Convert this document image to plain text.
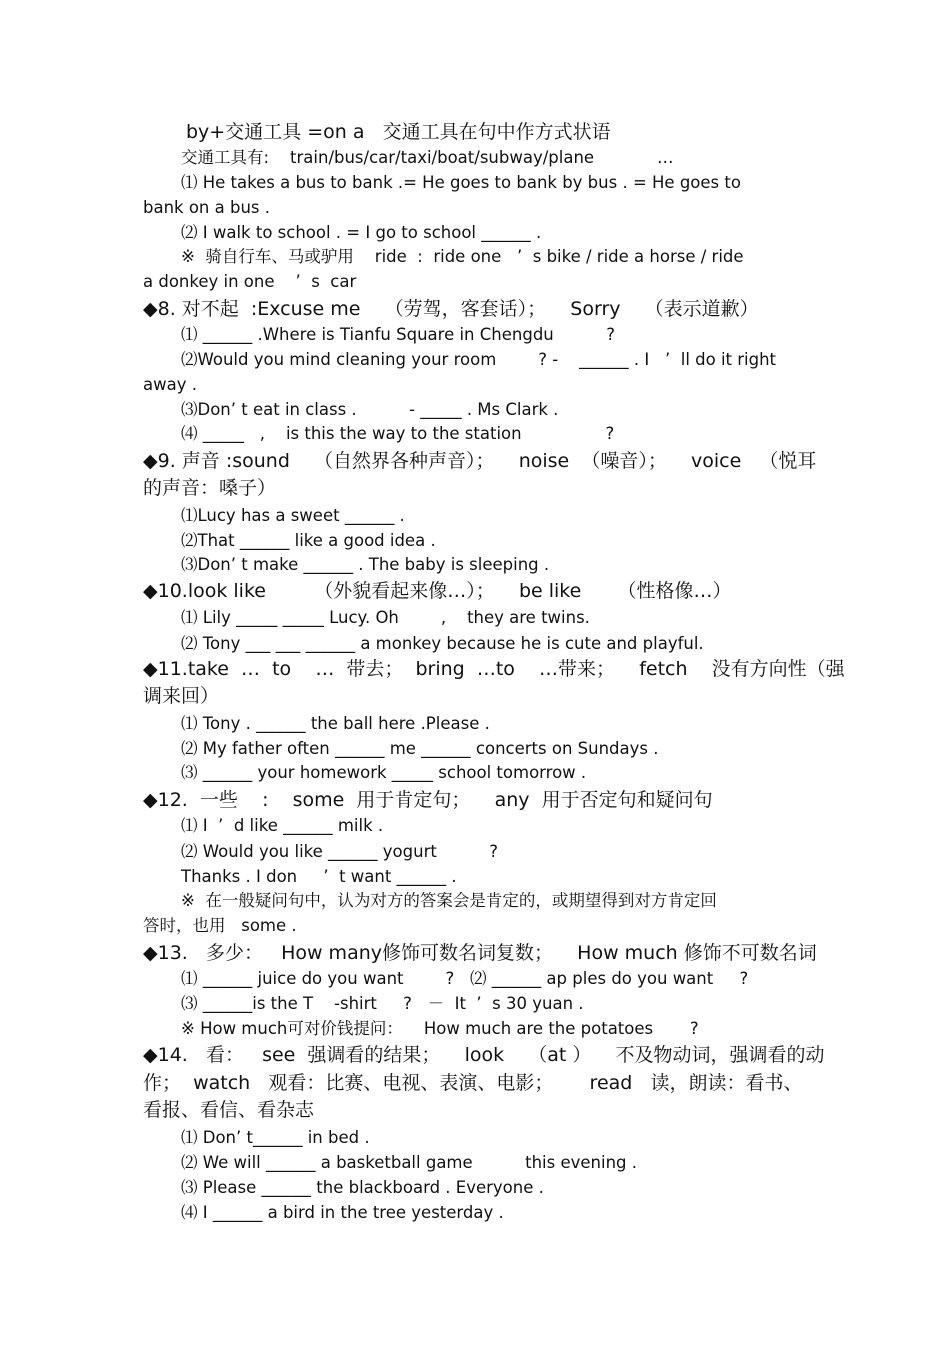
by+交通工具 =on a   交通工具在句中作方式状语
交通工具有:    train/bus/car/taxi/boat/subway/plane            …
⑴ He takes a bus to bank .= He goes to bank by bus . = He goes to
bank on a bus .
⑵ I walk to school . = I go to school ______ .
※  骑自行车、马或驴用    ride  :  ride one   ’  s bike / ride a horse / ride
a donkey in one    ’  s  car
◆8. 对不起  :Excuse me    （劳驾，客套话）；    Sorry    （表示道歉）
⑴ ______ .Where is Tianfu Square in Chengdu          ?
⑵Would you mind cleaning your room        ? -    ______ . I   ’  ll do it right
away .
⑶Don’ t eat in class .          - _____ . Ms Clark .
⑷ _____   ,    is this the way to the station                ?
◆9. 声音 :sound    （自然界各种声音）；    noise  （噪音）；    voice   （悦耳
的声音：嗓子）
⑴Lucy has a sweet ______ .
⑵That ______ like a good idea .
⑶Don’ t make ______ . The baby is sleeping .
◆10.look like        （外貌看起来像…）；    be like      （性格像…）
⑴ Lily _____ _____ Lucy. Oh        ,    they are twins.
⑵ Tony ___ ___ ______ a monkey because he is cute and playful.
◆11.take  …  to    …  带去；  bring  …to    …带来；    fetch    没有方向性（强
调来回）
⑴ Tony . ______ the ball here .Please .
⑵ My father often ______ me ______ concerts on Sundays .
⑶ ______ your homework _____ school tomorrow .
◆12.  一些    :    some  用于肯定句；    any  用于否定句和疑问句
⑴ I  ’  d like ______ milk .
⑵ Would you like ______ yogurt          ?
Thanks . I don     ’  t want ______ .
※  在一般疑问句中，认为对方的答案会是肯定的，或期望得到对方肯定回
答时，也用   some .
◆13.   多少：   How many修饰可数名词复数；    How much 修饰不可数名词
⑴ ______ juice do you want        ?   ⑵ ______ ap ples do you want     ?
⑶ ______is the T    -shirt     ?   －  It  ’  s 30 yuan .
※ How much可对价钱提问：    How much are the potatoes       ?
◆14.   看：   see  强调看的结果；    look    （at ）    不及物动词，强调看的动
作；  watch   观看：比赛、电视、表演、电影；      read   读，朗读：看书、
看报、看信、看杂志
⑴ Don’ t______ in bed .
⑵ We will ______ a basketball game          this evening .
⑶ Please ______ the blackboard . Everyone .
⑷ I ______ a bird in the tree yesterday .
